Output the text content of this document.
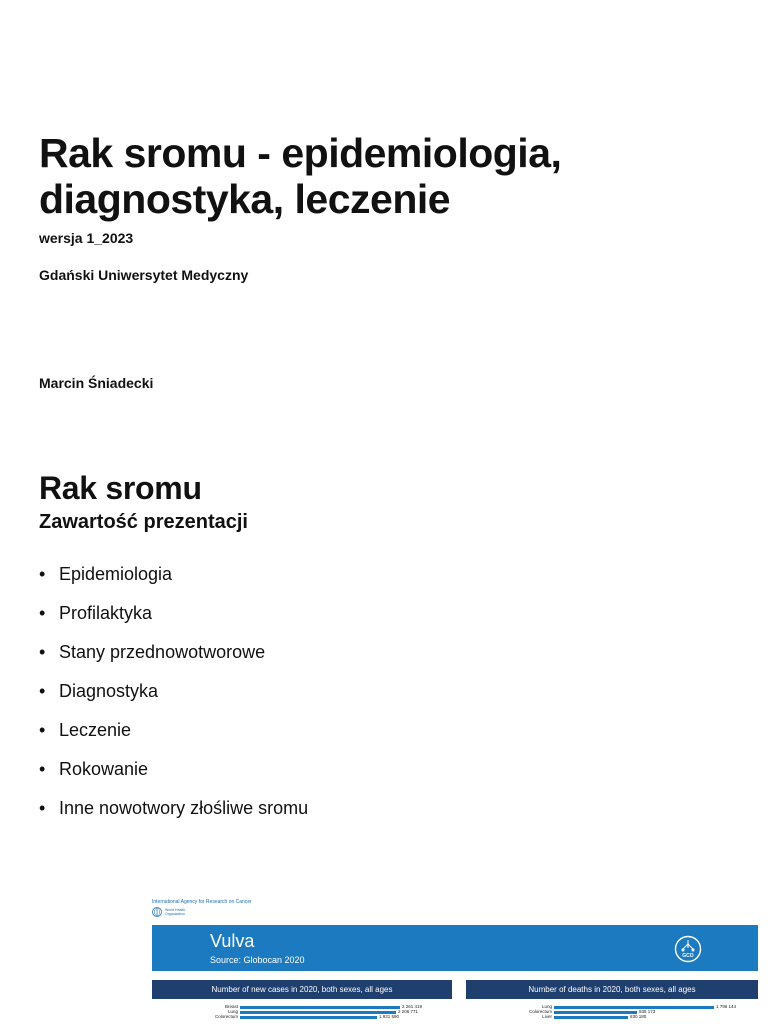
Rak sromu - epidemiologia,
diagnostyka, leczenie
wersja 1_2023
Gdański Uniwersytet Medyczny
Marcin Śniadecki
Rak sromu
Zawartość prezentacji
• Epidemiologia
• Profilaktyka
• Stany przednowotworowe
• Diagnostyka
• Leczenie
• Rokowanie
• Inne nowotwory złośliwe sromu
International Agency for Research on Cancer
World Health Organization
Vulva
Source: Globocan 2020	GCO
Number of new cases in 2020, both sexes, all ages	Number of deaths in 2020, both sexes, all ages
Breast	2 261 419
Lung	2 206 771
Colorectum	1 931 590
Lung	1 796 144
Colorectum	935 173
Liver	830 180
